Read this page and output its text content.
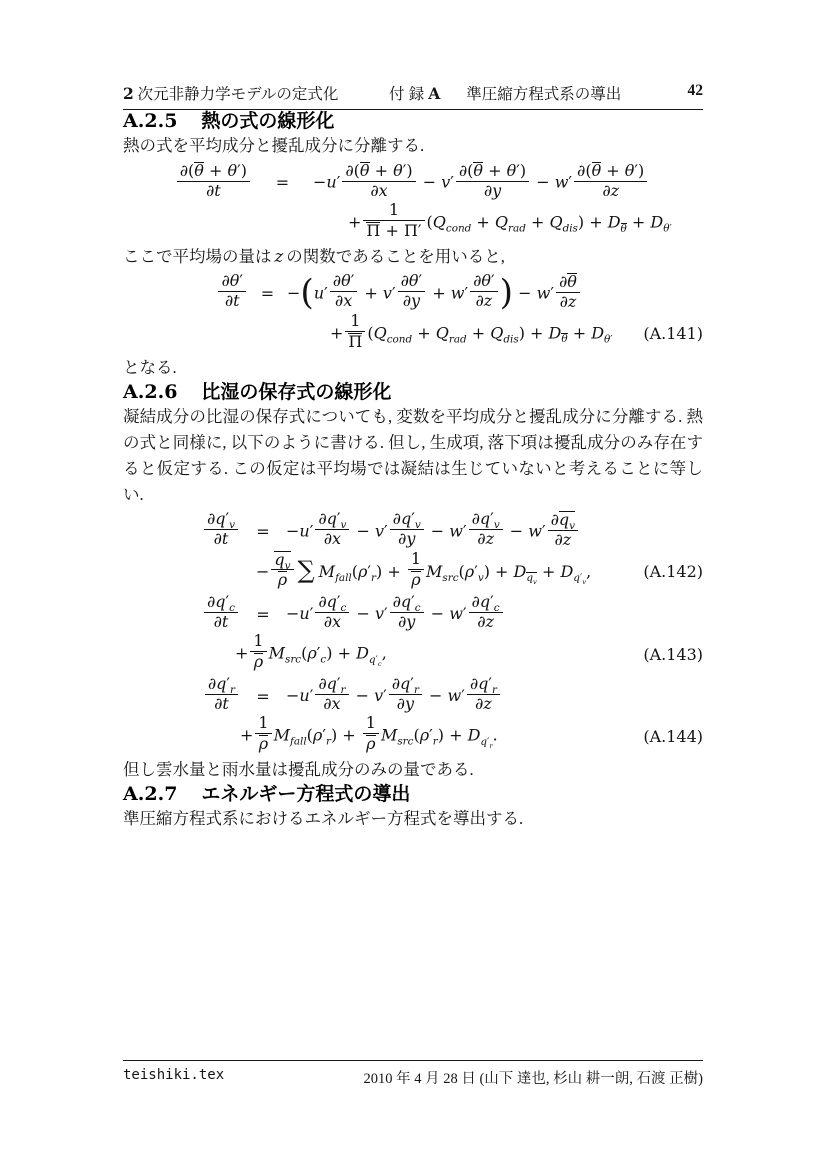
2 次元非静力学モデルの定式化	付 録 A 準圧縮方程式系の導出	42
A.2.5 熱の式の線形化

熱の式を平均成分と擾乱成分に分離する.

$\frac{\partial(\theta + \theta')}{\partial t}$	=	$-u' \frac{\partial(\theta + \theta')}{\partial x} - v' \frac{\partial(\theta + \theta')}{\partial y} - w' \frac{\partial(\theta + \theta')}{\partial z}$
+ $\frac{1}{\Pi + \Pi'} (Q_{cond} + Q_{rad} + Q_{dis}) + D_\theta + D_{\theta'}$

ここで平均場の量は z の関数であることを用いると,

$\frac{\partial\theta'}{\partial t} = -(u' \frac{\partial\theta'}{\partial x} + v' \frac{\partial\theta'}{\partial y} + w' \frac{\partial\theta'}{\partial z}$ ) − $w' \frac{\partial\theta}{\partial z}$
+ $\frac{1}{\Pi} (Q_{cond} + Q_{rad} + Q_{dis}) + D_\theta + D_{\theta'}$ (A.141)

となる.

A.2.6 比湿の保存式の線形化

凝結成分の比湿の保存式についても, 変数を平均成分と擾乱成分に分離する. 熱の式と同様に, 以下のように書ける. 但し, 生成項, 落下項は擾乱成分のみ存在すると仮定する. この仮定は平均場では凝結は生じていないと考えることに等しい.

$\frac{\partial q'_v}{\partial t}$	=	$-u' \frac{\partial q'_v}{\partial x} - v' \frac{\partial q'_v}{\partial y} - w' \frac{\partial q'_v}{\partial z} - w' \frac{\partial q_v}{\partial z}$
− $\frac{q_v}{\rho}$ ∑ $M_{fall}(\rho'_r) + \frac{1}{\rho} M_{src}(\rho'_v) + D_{q_v} + D_{q'_v}$,	(A.142)
$\frac{\partial q'_c}{\partial t}$	=	$-u' \frac{\partial q'_c}{\partial x} - v' \frac{\partial q'_c}{\partial y} - w' \frac{\partial q'_c}{\partial z}$
+ $\frac{1}{\rho} M_{src}(\rho'_c) + D_{q'_c}$,	(A.143)
$\frac{\partial q'_r}{\partial t}$	=	$-u' \frac{\partial q'_r}{\partial x} - v' \frac{\partial q'_r}{\partial y} - w' \frac{\partial q'_r}{\partial z}$
+ $\frac{1}{\rho} M_{fall}(\rho'_r) + \frac{1}{\rho} M_{src}(\rho'_r) + D_{q'_r}$.	(A.144)

但し雲水量と雨水量は擾乱成分のみの量である.

A.2.7 エネルギー方程式の導出

準圧縮方程式系におけるエネルギー方程式を導出する.

teishiki.tex	2010 年 4 月 28 日 (山下 達也, 杉山 耕一朗, 石渡 正樹)
